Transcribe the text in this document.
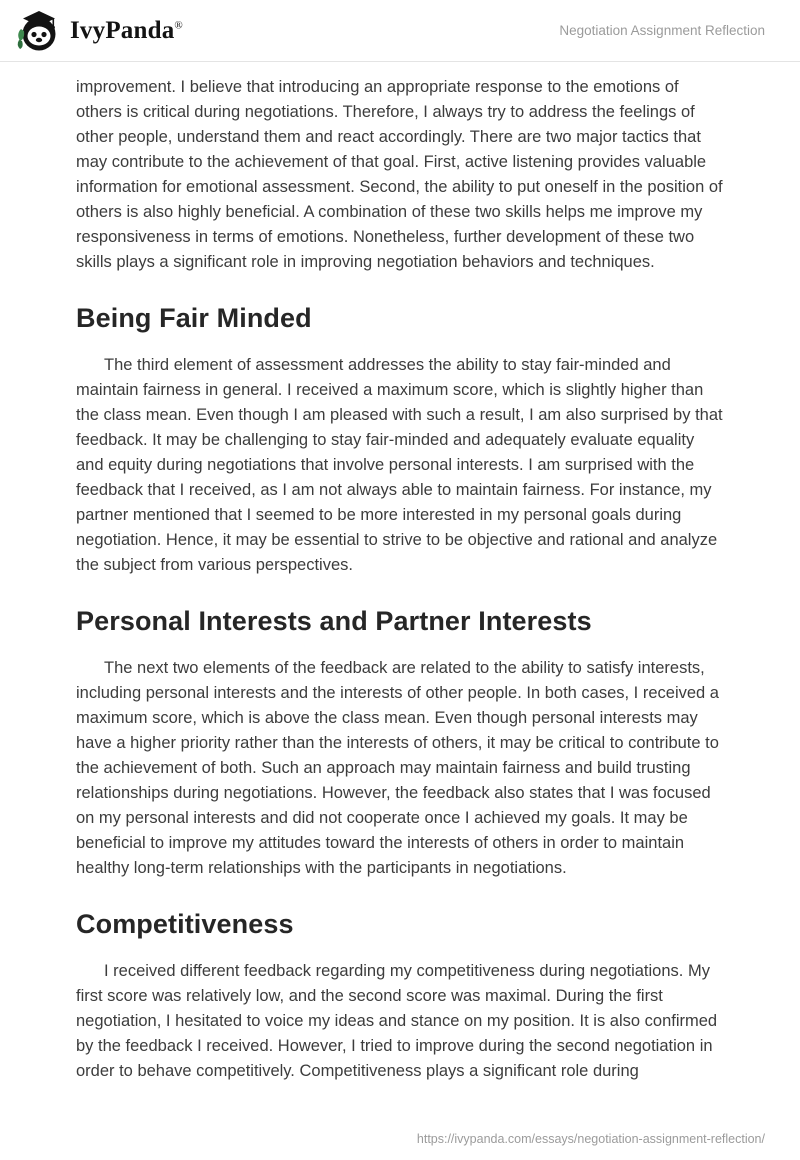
IvyPanda®	Negotiation Assignment Reflection

improvement. I believe that introducing an appropriate response to the emotions of others is critical during negotiations. Therefore, I always try to address the feelings of other people, understand them and react accordingly. There are two major tactics that may contribute to the achievement of that goal. First, active listening provides valuable information for emotional assessment. Second, the ability to put oneself in the position of others is also highly beneficial. A combination of these two skills helps me improve my responsiveness in terms of emotions. Nonetheless, further development of these two skills plays a significant role in improving negotiation behaviors and techniques.

Being Fair Minded

The third element of assessment addresses the ability to stay fair-minded and maintain fairness in general. I received a maximum score, which is slightly higher than the class mean. Even though I am pleased with such a result, I am also surprised by that feedback. It may be challenging to stay fair-minded and adequately evaluate equality and equity during negotiations that involve personal interests. I am surprised with the feedback that I received, as I am not always able to maintain fairness. For instance, my partner mentioned that I seemed to be more interested in my personal goals during negotiation. Hence, it may be essential to strive to be objective and rational and analyze the subject from various perspectives.

Personal Interests and Partner Interests

The next two elements of the feedback are related to the ability to satisfy interests, including personal interests and the interests of other people. In both cases, I received a maximum score, which is above the class mean. Even though personal interests may have a higher priority rather than the interests of others, it may be critical to contribute to the achievement of both. Such an approach may maintain fairness and build trusting relationships during negotiations. However, the feedback also states that I was focused on my personal interests and did not cooperate once I achieved my goals. It may be beneficial to improve my attitudes toward the interests of others in order to maintain healthy long-term relationships with the participants in negotiations.

Competitiveness

I received different feedback regarding my competitiveness during negotiations. My first score was relatively low, and the second score was maximal. During the first negotiation, I hesitated to voice my ideas and stance on my position. It is also confirmed by the feedback I received. However, I tried to improve during the second negotiation in order to behave competitively. Competitiveness plays a significant role during

https://ivypanda.com/essays/negotiation-assignment-reflection/
